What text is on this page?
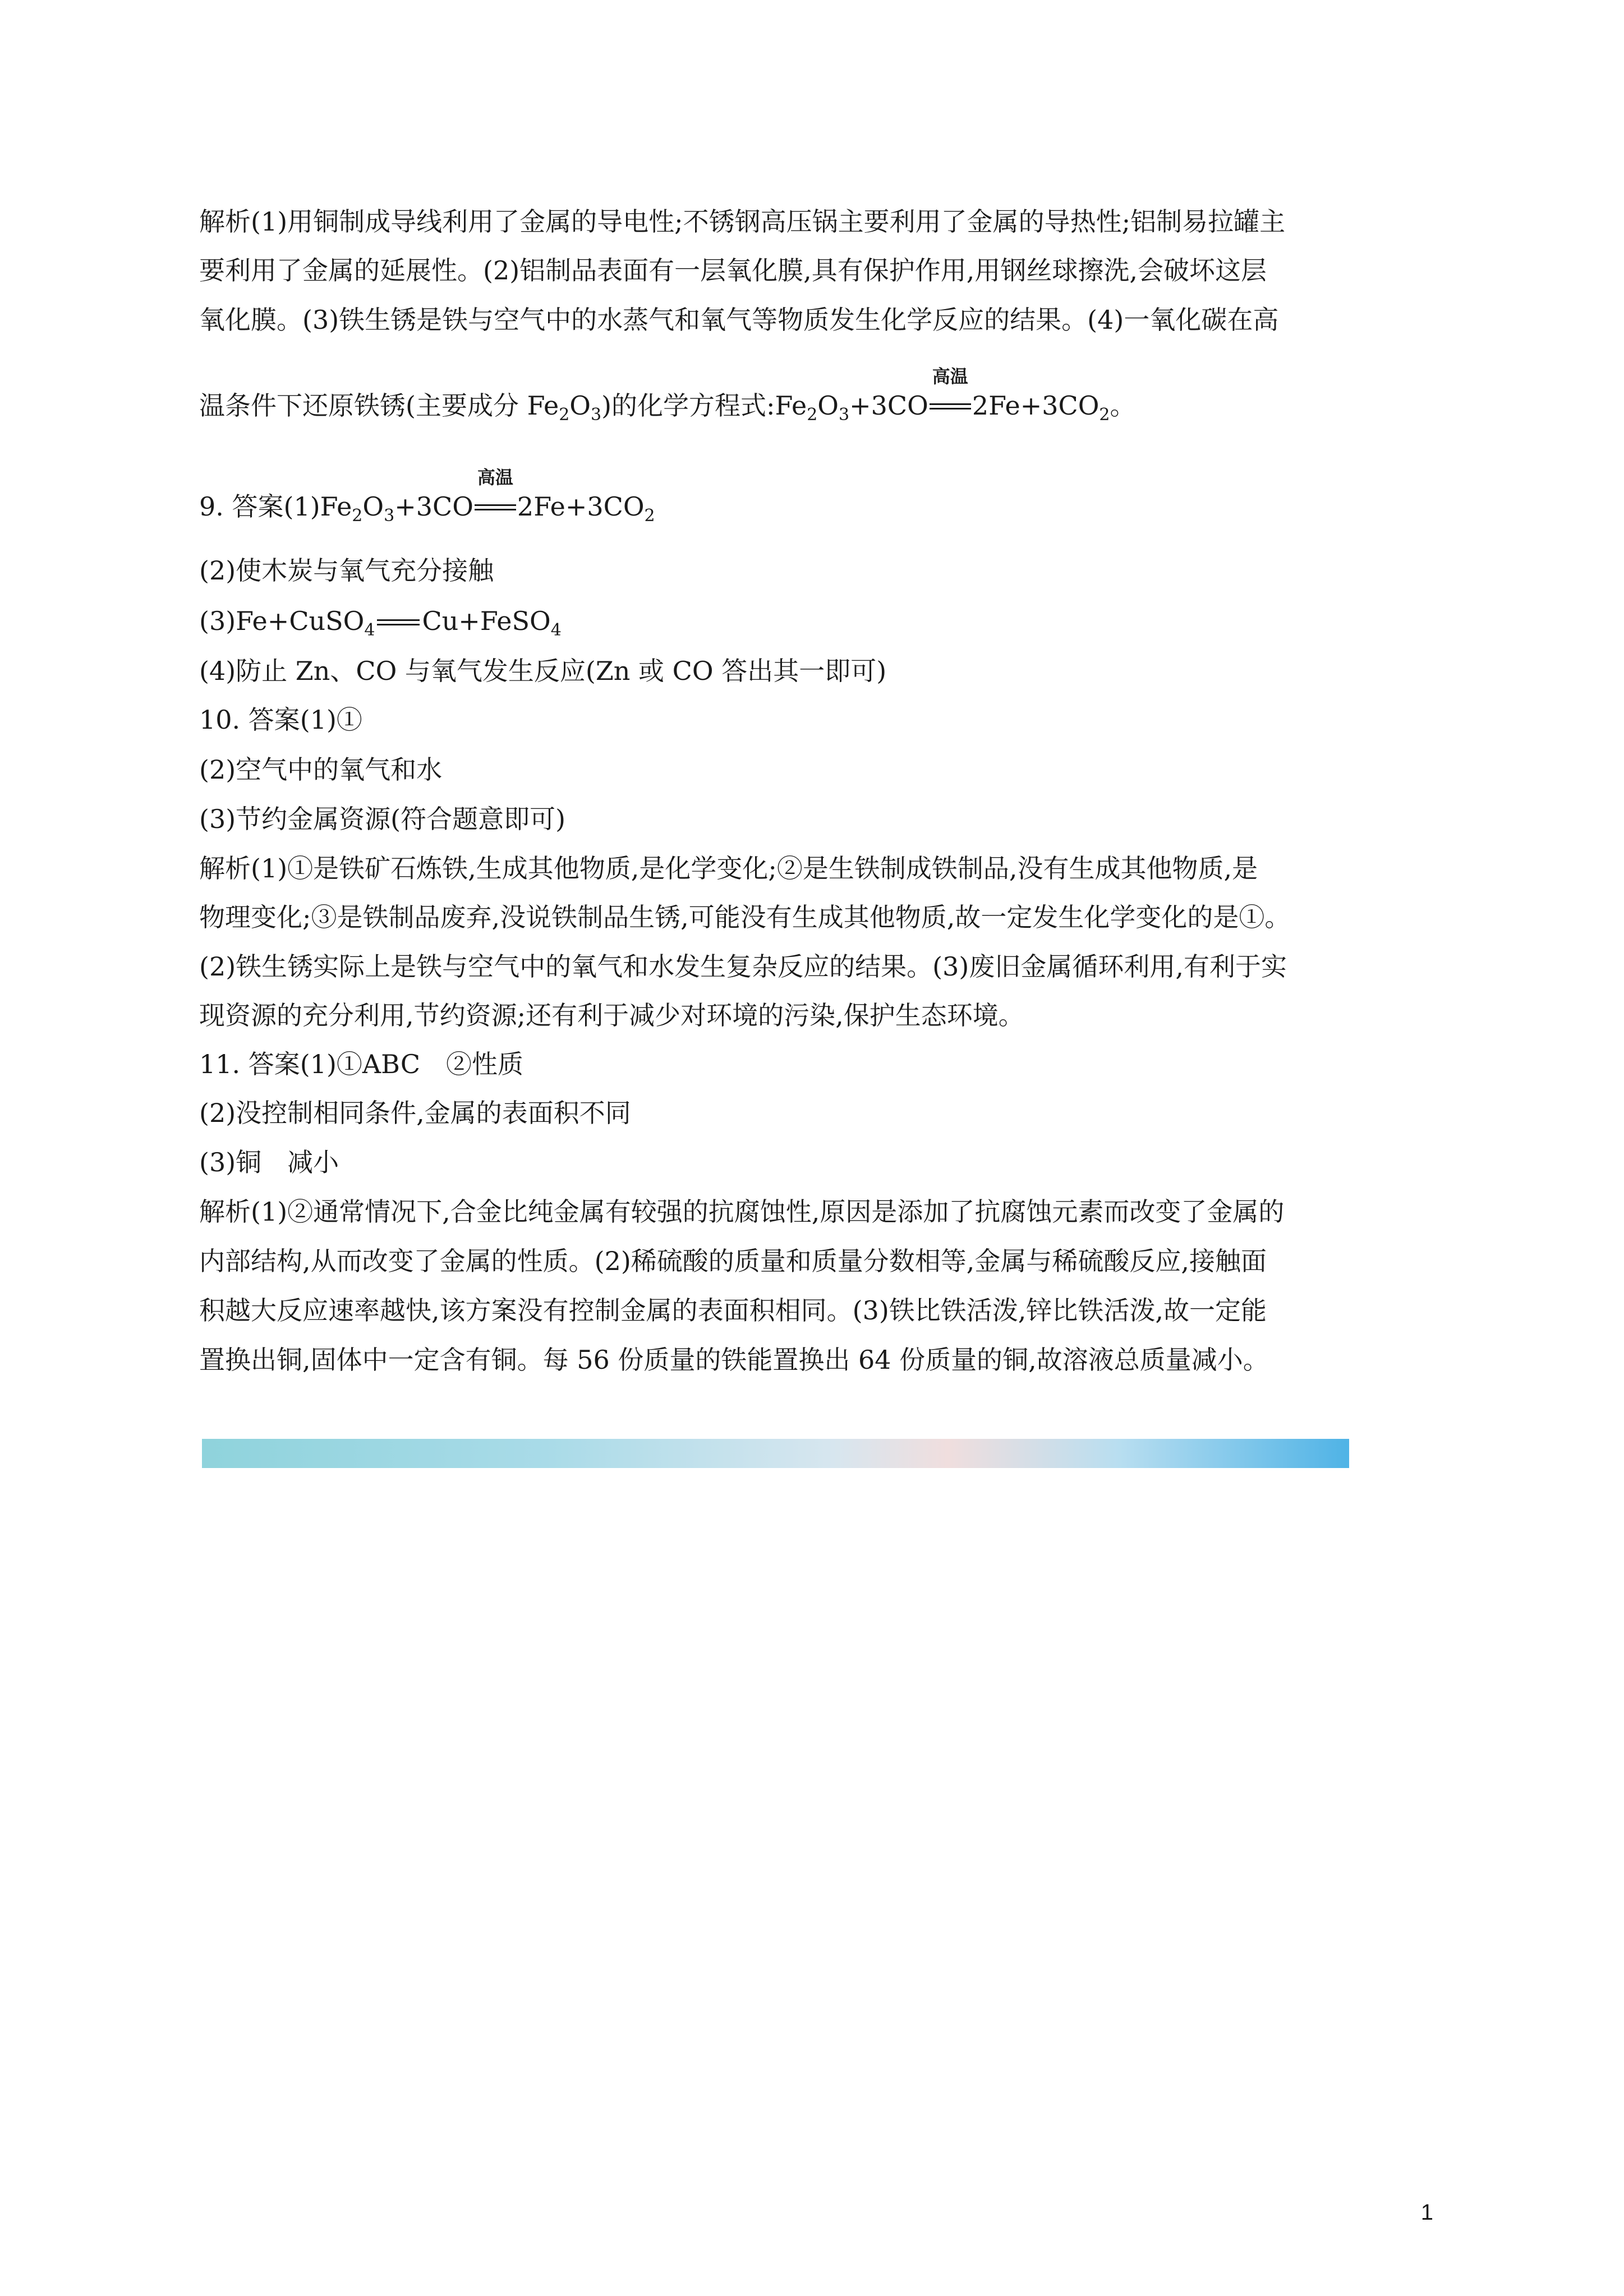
解析(1)用铜制成导线利用了金属的导电性;不锈钢高压锅主要利用了金属的导热性;铝制易拉罐主
要利用了金属的延展性。(2)铝制品表面有一层氧化膜,具有保护作用,用钢丝球擦洗,会破坏这层
氧化膜。(3)铁生锈是铁与空气中的水蒸气和氧气等物质发生化学反应的结果。(4)一氧化碳在高
温条件下还原铁锈(主要成分 $Fe_2O_3$)的化学方程式$:Fe_2O_3+3CO$
高温
$2Fe+3CO_2$。
9. 答案$(1)Fe_2O_3+3CO$
高温
$2Fe+3CO_2$
(2)使木炭与氧气充分接触
(3)Fe+CuSO$_4$ Cu+FeSO$_4$
(4)防止 Zn、CO 与氧气发生反应(Zn 或 CO 答出其一即可)
10. 答案(1)①
(2)空气中的氧气和水
(3)节约金属资源(符合题意即可)
解析(1)①是铁矿石炼铁,生成其他物质,是化学变化;②是生铁制成铁制品,没有生成其他物质,是
物理变化;③是铁制品废弃,没说铁制品生锈,可能没有生成其他物质,故一定发生化学变化的是①。
(2)铁生锈实际上是铁与空气中的氧气和水发生复杂反应的结果。(3)废旧金属循环利用,有利于实
现资源的充分利用,节约资源;还有利于减少对环境的污染,保护生态环境。
11. 答案(1)①ABC　②性质
(2)没控制相同条件,金属的表面积不同
(3)铜　减小
解析(1)②通常情况下,合金比纯金属有较强的抗腐蚀性,原因是添加了抗腐蚀元素而改变了金属的
内部结构,从而改变了金属的性质。(2)稀硫酸的质量和质量分数相等,金属与稀硫酸反应,接触面
积越大反应速率越快,该方案没有控制金属的表面积相同。(3)铁比铁活泼,锌比铁活泼,故一定能
置换出铜,固体中一定含有铜。每 56 份质量的铁能置换出 64 份质量的铜,故溶液总质量减小。
1
